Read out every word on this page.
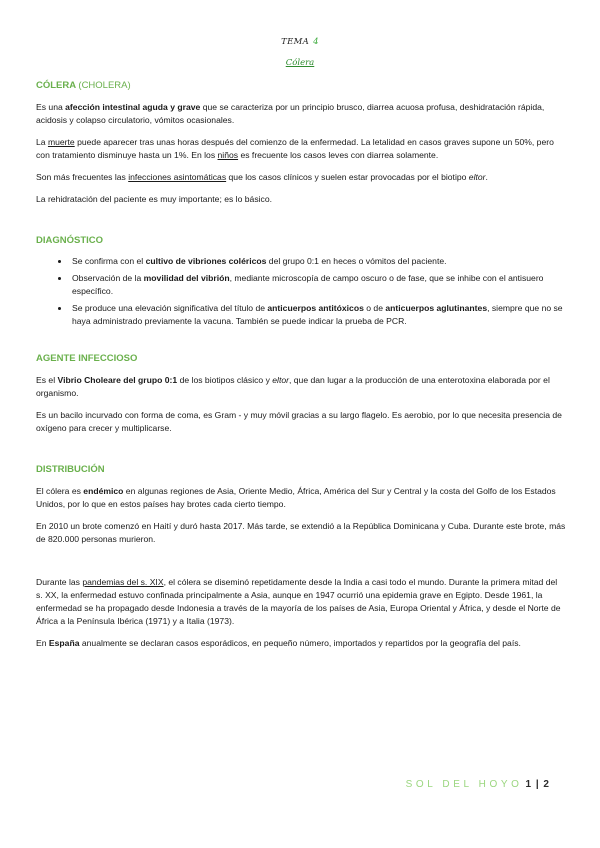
TEMA 4
Cólera
CÓLERA (CHOLERA)

Es una afección intestinal aguda y grave que se caracteriza por un principio brusco, diarrea acuosa profusa, deshidratación rápida, acidosis y colapso circulatorio, vómitos ocasionales.

La muerte puede aparecer tras unas horas después del comienzo de la enfermedad. La letalidad en casos graves supone un 50%, pero con tratamiento disminuye hasta un 1%. En los niños es frecuente los casos leves con diarrea solamente.

Son más frecuentes las infecciones asintomáticas que los casos clínicos y suelen estar provocadas por el biotipo eltor.

La rehidratación del paciente es muy importante; es lo básico.

DIAGNÓSTICO
• Se confirma con el cultivo de vibriones coléricos del grupo 0:1 en heces o vómitos del paciente.
• Observación de la movilidad del vibrión, mediante microscopía de campo oscuro o de fase, que se inhibe con el antisuero específico.
• Se produce una elevación significativa del título de anticuerpos antitóxicos o de anticuerpos aglutinantes, siempre que no se haya administrado previamente la vacuna. También se puede indicar la prueba de PCR.
AGENTE INFECCIOSO

Es el Vibrio Choleare del grupo 0:1 de los biotipos clásico y eltor, que dan lugar a la producción de una enterotoxina elaborada por el organismo.

Es un bacilo incurvado con forma de coma, es Gram - y muy móvil gracias a su largo flagelo. Es aerobio, por lo que necesita presencia de oxígeno para crecer y multiplicarse.

DISTRIBUCIÓN

El cólera es endémico en algunas regiones de Asia, Oriente Medio, África, América del Sur y Central y la costa del Golfo de los Estados Unidos, por lo que en estos países hay brotes cada cierto tiempo.

En 2010 un brote comenzó en Haití y duró hasta 2017. Más tarde, se extendió a la República Dominicana y Cuba. Durante este brote, más de 820.000 personas murieron.

Durante las pandemias del s. XIX, el cólera se diseminó repetidamente desde la India a casi todo el mundo. Durante la primera mitad del s. XX, la enfermedad estuvo confinada principalmente a Asia, aunque en 1947 ocurrió una epidemia grave en Egipto. Desde 1961, la enfermedad se ha propagado desde Indonesia a través de la mayoría de los países de Asia, Europa Oriental y África, y desde el Norte de África a la Península Ibérica (1971) y a Italia (1973).

En España anualmente se declaran casos esporádicos, en pequeño número, importados y repartidos por la geografía del país.

SOL DEL HOYO 1 | 2
